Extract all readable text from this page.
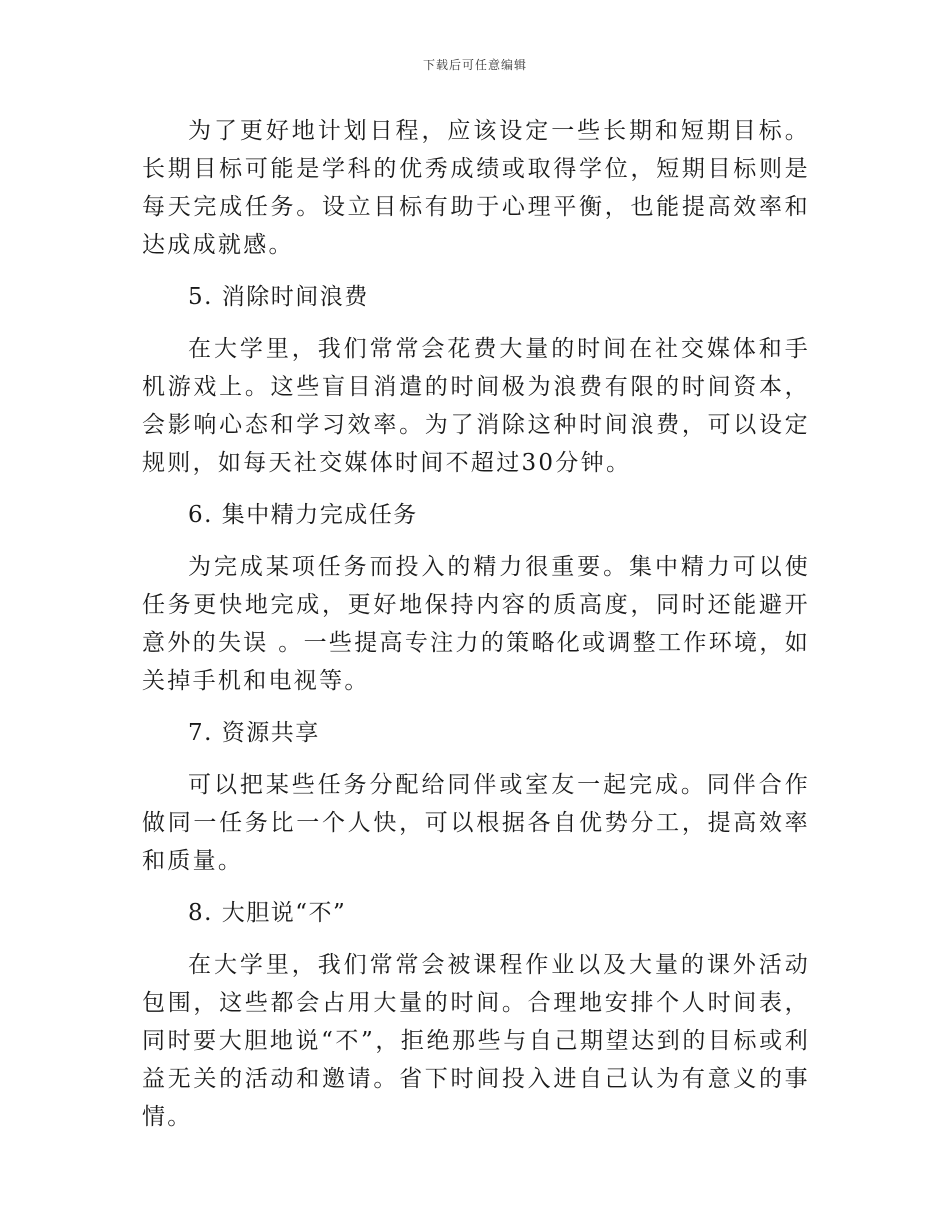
下载后可任意编辑

为了更好地计划日程，应该设定一些长期和短期目标。长期目标可能是学科的优秀成绩或取得学位，短期目标则是每天完成任务。设立目标有助于心理平衡，也能提高效率和达成成就感。

5. 消除时间浪费

在大学里，我们常常会花费大量的时间在社交媒体和手机游戏上。这些盲目消遣的时间极为浪费有限的时间资本，会影响心态和学习效率。为了消除这种时间浪费，可以设定规则，如每天社交媒体时间不超过30分钟。

6. 集中精力完成任务

为完成某项任务而投入的精力很重要。集中精力可以使任务更快地完成，更好地保持内容的质高度，同时还能避开意外的失误 。一些提高专注力的策略化或调整工作环境，如关掉手机和电视等。

7. 资源共享

可以把某些任务分配给同伴或室友一起完成。同伴合作做同一任务比一个人快，可以根据各自优势分工，提高效率和质量。

8. 大胆说“不”

在大学里，我们常常会被课程作业以及大量的课外活动包围，这些都会占用大量的时间。合理地安排个人时间表，同时要大胆地说“不”，拒绝那些与自己期望达到的目标或利益无关的活动和邀请。省下时间投入进自己认为有意义的事情。
